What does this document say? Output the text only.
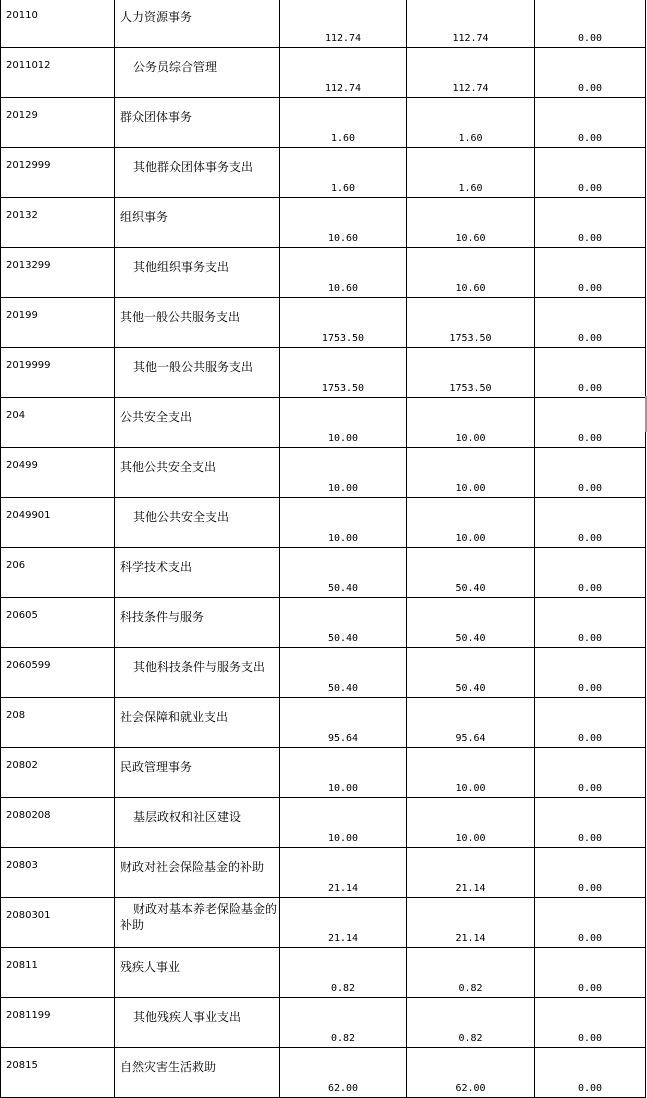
20110	人力资源事务	112.74	112.74	0.00
2011012	公务员综合管理	112.74	112.74	0.00
20129	群众团体事务	1.60	1.60	0.00
2012999	其他群众团体事务支出	1.60	1.60	0.00
20132	组织事务	10.60	10.60	0.00
2013299	其他组织事务支出	10.60	10.60	0.00
20199	其他一般公共服务支出	1753.50	1753.50	0.00
2019999	其他一般公共服务支出	1753.50	1753.50	0.00
204	公共安全支出	10.00	10.00	0.00
20499	其他公共安全支出	10.00	10.00	0.00
2049901	其他公共安全支出	10.00	10.00	0.00
206	科学技术支出	50.40	50.40	0.00
20605	科技条件与服务	50.40	50.40	0.00
2060599	其他科技条件与服务支出	50.40	50.40	0.00
208	社会保障和就业支出	95.64	95.64	0.00
20802	民政管理事务	10.00	10.00	0.00
2080208	基层政权和社区建设	10.00	10.00	0.00
20803	财政对社会保险基金的补助	21.14	21.14	0.00
2080301	财政对基本养老保险基金的补助	21.14	21.14	0.00
20811	残疾人事业	0.82	0.82	0.00
2081199	其他残疾人事业支出	0.82	0.82	0.00
20815	自然灾害生活救助	62.00	62.00	0.00
